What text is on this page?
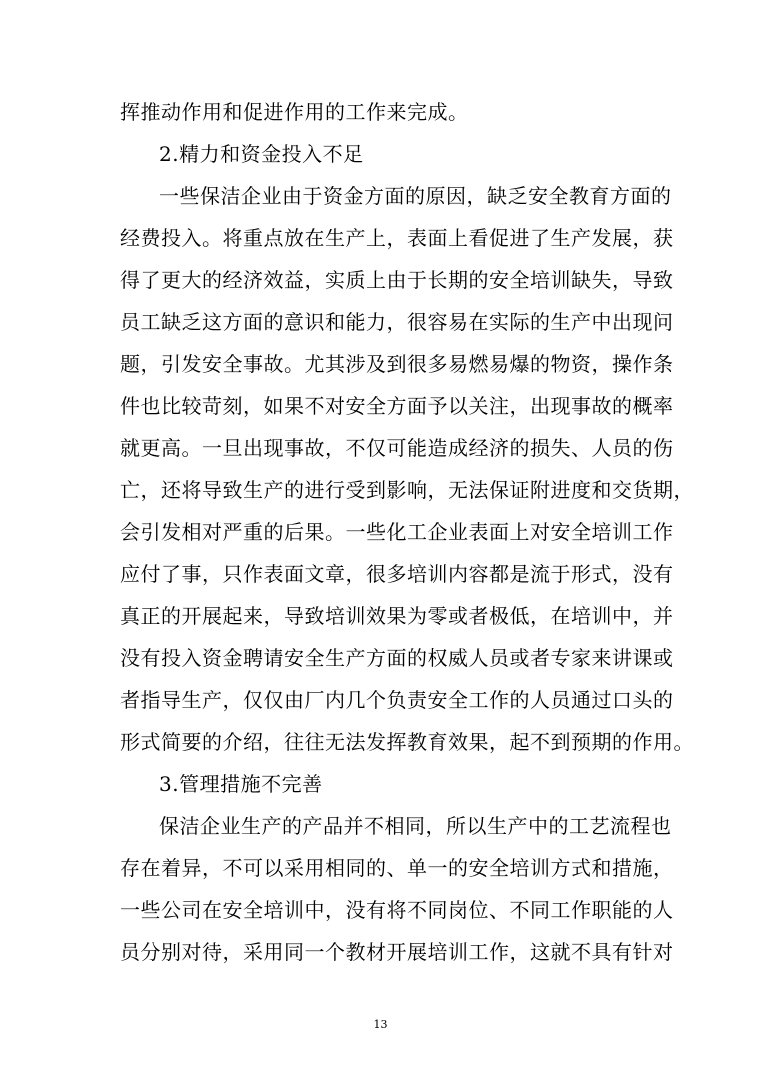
挥推动作用和促进作用的工作来完成。
2.精力和资金投入不足
一些保洁企业由于资金方面的原因，缺乏安全教育方面的
经费投入。将重点放在生产上，表面上看促进了生产发展，获
得了更大的经济效益，实质上由于长期的安全培训缺失，导致
员工缺乏这方面的意识和能力，很容易在实际的生产中出现问
题，引发安全事故。尤其涉及到很多易燃易爆的物资，操作条
件也比较苛刻，如果不对安全方面予以关注，出现事故的概率
就更高。一旦出现事故，不仅可能造成经济的损失、人员的伤
亡，还将导致生产的进行受到影响，无法保证附进度和交货期，
会引发相对严重的后果。一些化工企业表面上对安全培训工作
应付了事，只作表面文章，很多培训内容都是流于形式，没有
真正的开展起来，导致培训效果为零或者极低，在培训中，并
没有投入资金聘请安全生产方面的权威人员或者专家来讲课或
者指导生产，仅仅由厂内几个负责安全工作的人员通过口头的
形式简要的介绍，往往无法发挥教育效果，起不到预期的作用。
3.管理措施不完善
保洁企业生产的产品并不相同，所以生产中的工艺流程也
存在着异，不可以采用相同的、单一的安全培训方式和措施，
一些公司在安全培训中，没有将不同岗位、不同工作职能的人
员分别对待，采用同一个教材开展培训工作，这就不具有针对
13
